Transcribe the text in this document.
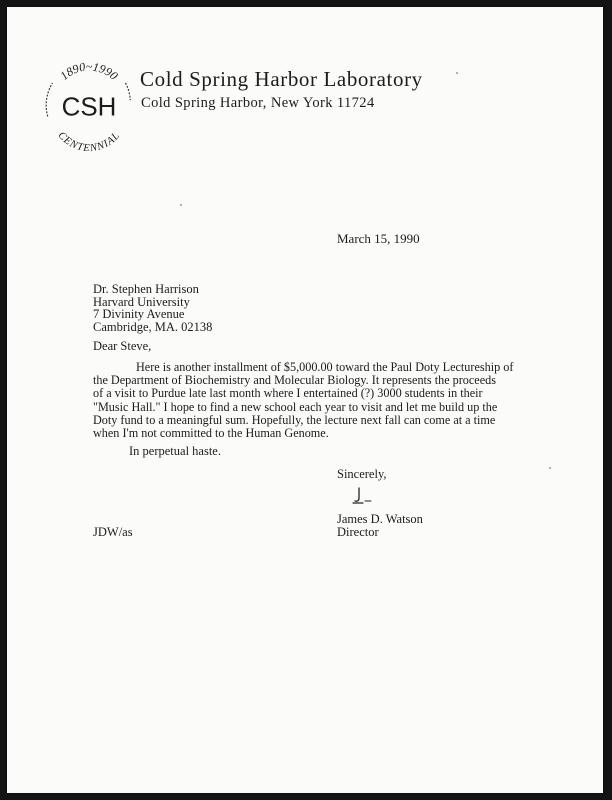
1890~1990
CSH
CENTENNIAL
Cold Spring Harbor Laboratory
Cold Spring Harbor, New York 11724
March 15, 1990
Dr. Stephen Harrison
Harvard University
7 Divinity Avenue
Cambridge, MA. 02138
Dear Steve,
Here is another installment of $5,000.00 toward the Paul Doty Lectureship of
the Department of Biochemistry and Molecular Biology. It represents the proceeds
of a visit to Purdue late last month where I entertained (?) 3000 students in their
"Music Hall." I hope to find a new school each year to visit and let me build up the
Doty fund to a meaningful sum. Hopefully, the lecture next fall can come at a time
when I'm not committed to the Human Genome.
In perpetual haste.
Sincerely,
James D. Watson
Director
JDW/as
